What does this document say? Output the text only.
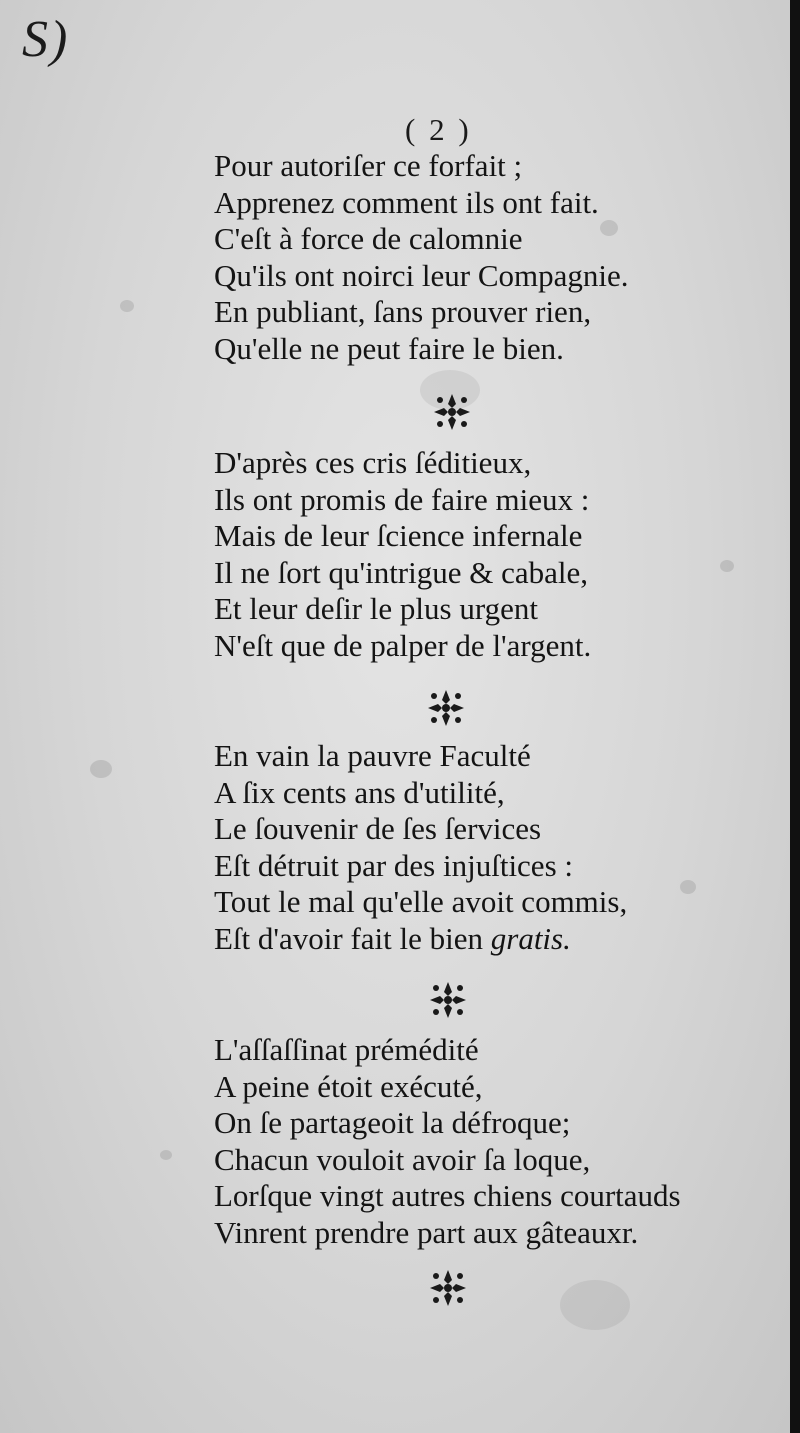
S)
( 2 )
Pour autoriſer ce forfait ;
Apprenez comment ils ont fait.
C'eſt à force de calomnie
Qu'ils ont noirci leur Compagnie.
En publiant, ſans prouver rien,
Qu'elle ne peut faire le bien.
D'après ces cris ſéditieux,
Ils ont promis de faire mieux :
Mais de leur ſcience infernale
Il ne ſort qu'intrigue & cabale,
Et leur deſir le plus urgent
N'eſt que de palper de l'argent.
En vain la pauvre Faculté
A ſix cents ans d'utilité,
Le ſouvenir de ſes ſervices
Eſt détruit par des injuſtices :
Tout le mal qu'elle avoit commis,
Eſt d'avoir fait le bien gratis.
L'aſſaſſinat prémédité
A peine étoit exécuté,
On ſe partageoit la défroque;
Chacun vouloit avoir ſa loque,
Lorſque vingt autres chiens courtauds
Vinrent prendre part aux gâteauxr.
